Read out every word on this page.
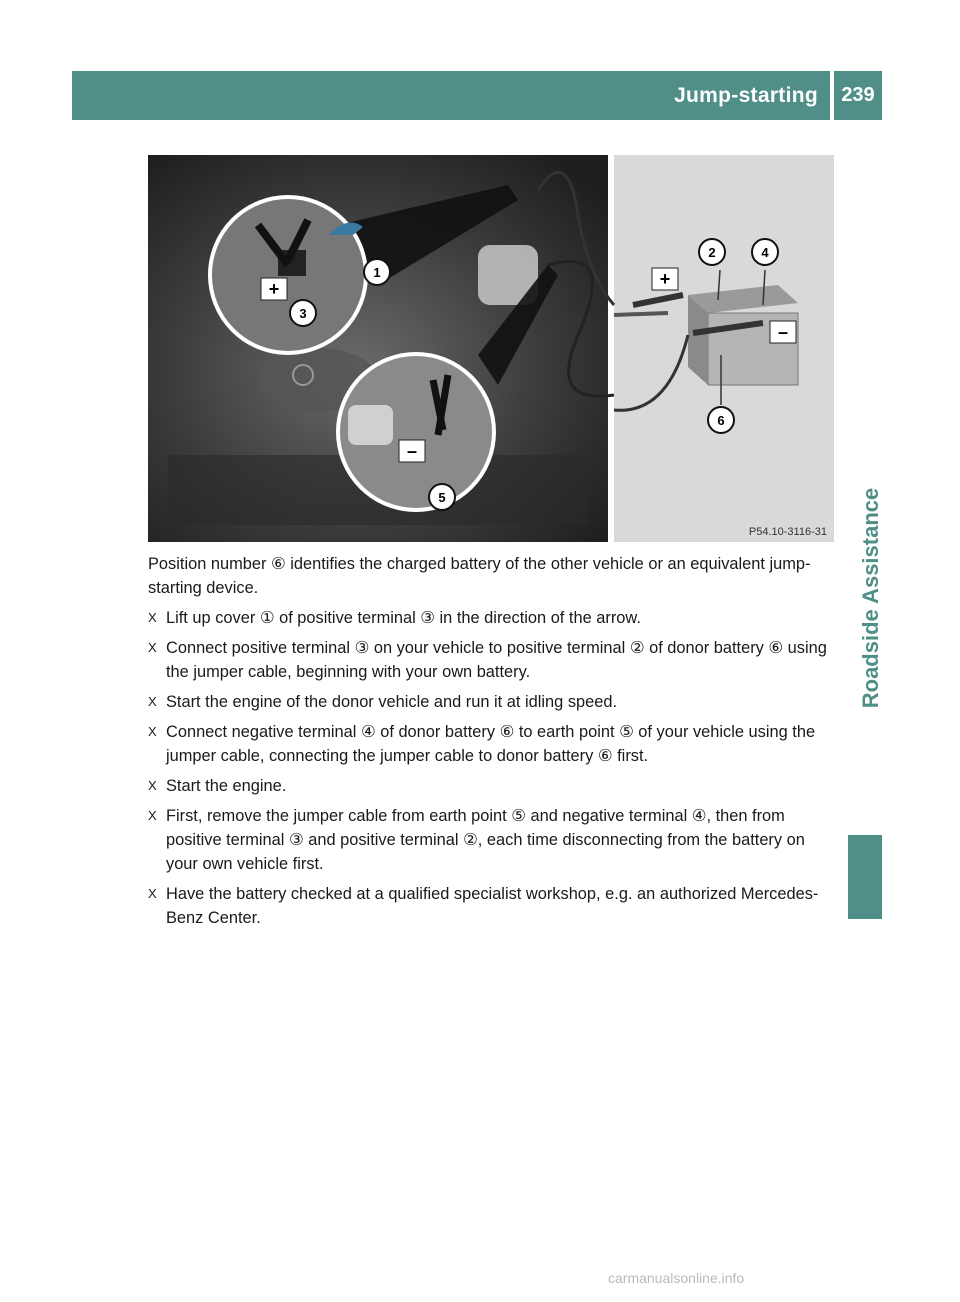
Jump-starting	239
Roadside Assistance
+
–
+
–
1
2
3
4
5
6
P54.10-3116-31

Position number ⑥ identifies the charged battery of the other vehicle or an equivalent jump-starting device.

X Lift up cover ① of positive terminal ③ in the direction of the arrow.
X Connect positive terminal ③ on your vehicle to positive terminal ② of donor battery ⑥ using the jumper cable, beginning with your own battery.
X Start the engine of the donor vehicle and run it at idling speed.
X Connect negative terminal ④ of donor battery ⑥ to earth point ⑤ of your vehicle using the jumper cable, connecting the jumper cable to donor battery ⑥ first.
X Start the engine.
X First, remove the jumper cable from earth point ⑤ and negative terminal ④, then from positive terminal ③ and positive terminal ②, each time disconnecting from the battery on your own vehicle first.
X Have the battery checked at a qualified specialist workshop, e.g. an authorized Mercedes-Benz Center.
carmanualsonline.info
